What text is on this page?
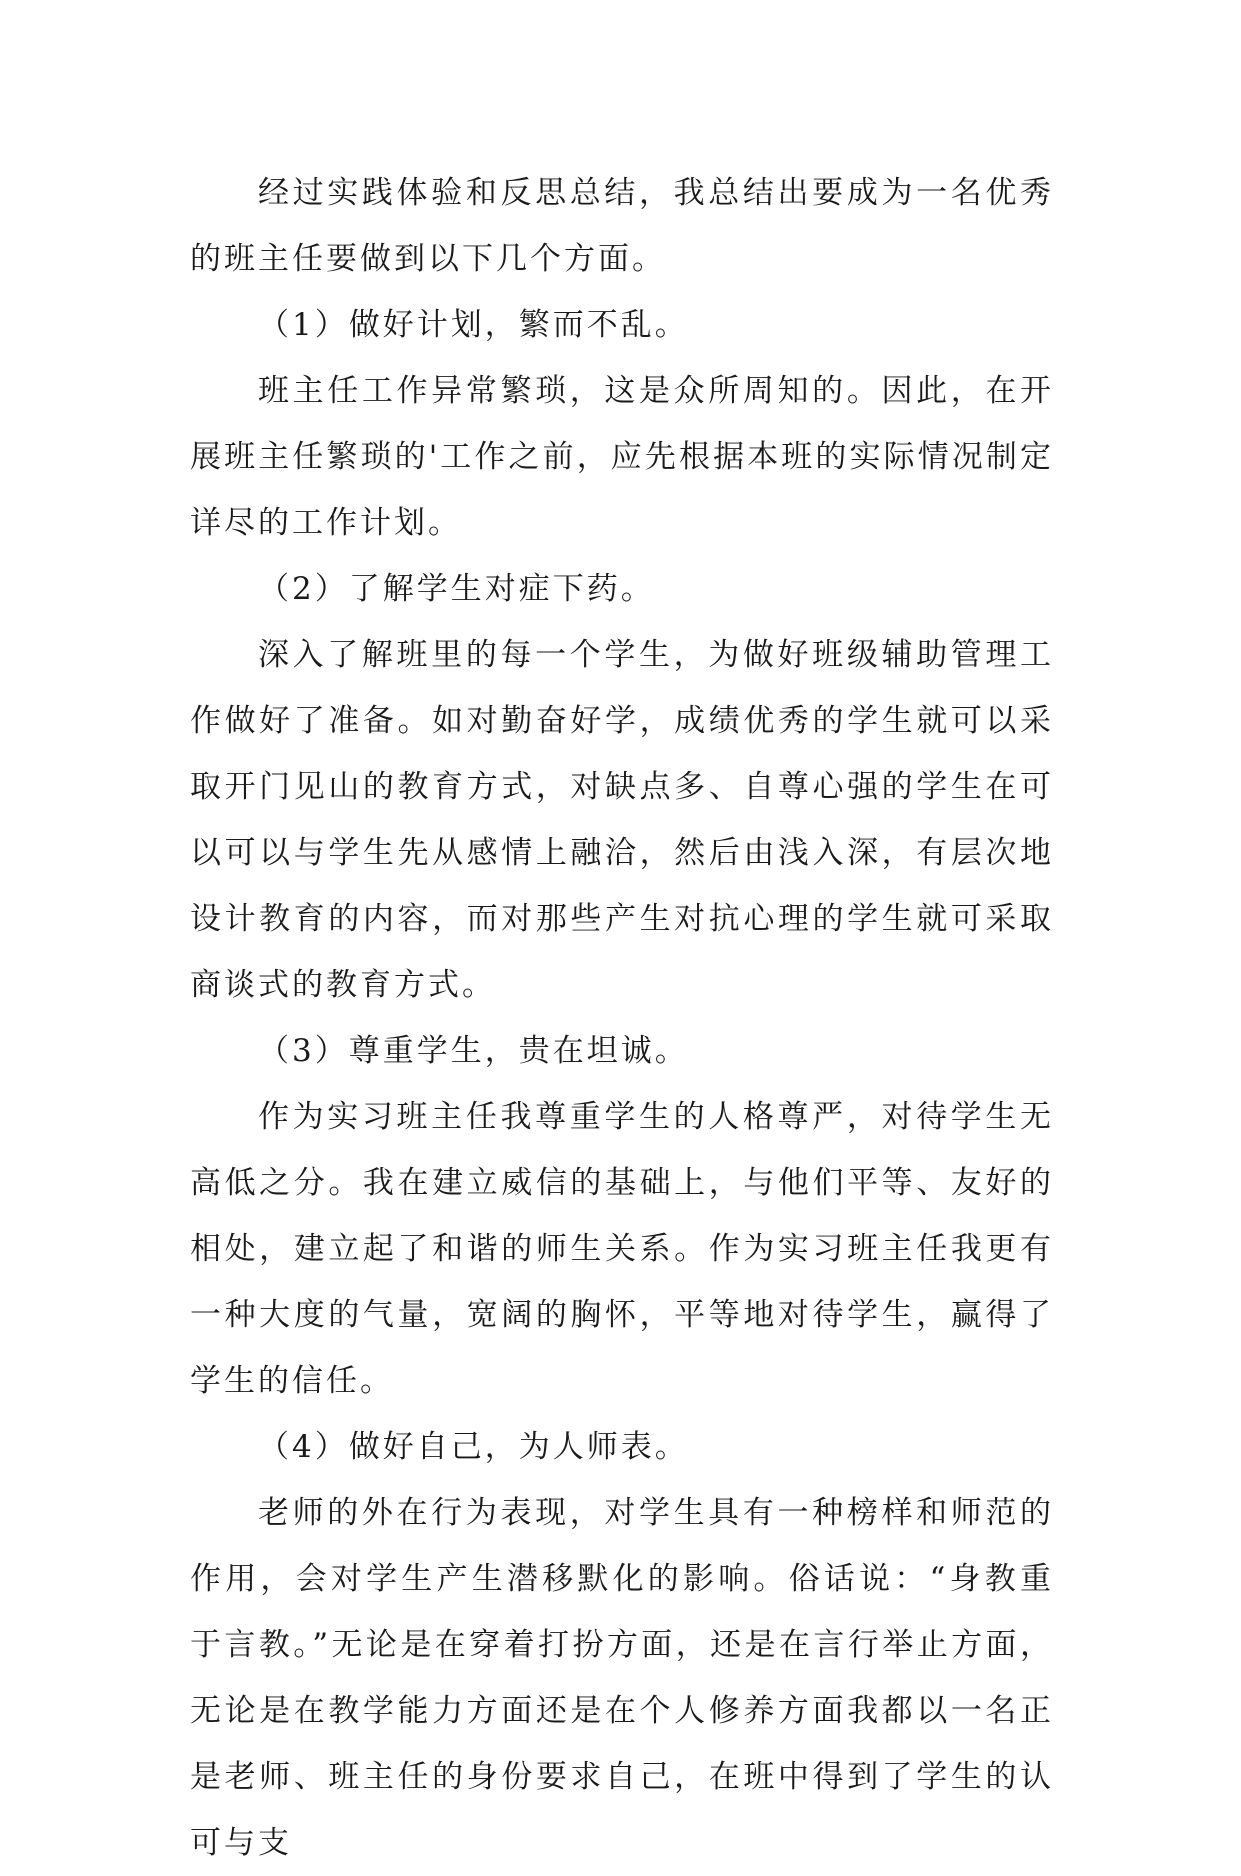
经过实践体验和反思总结，我总结出要成为一名优秀的班主任要做到以下几个方面。

（1）做好计划，繁而不乱。

班主任工作异常繁琐，这是众所周知的。因此，在开展班主任繁琐的'工作之前，应先根据本班的实际情况制定详尽的工作计划。

（2）了解学生对症下药。

深入了解班里的每一个学生，为做好班级辅助管理工作做好了准备。如对勤奋好学，成绩优秀的学生就可以采取开门见山的教育方式，对缺点多、自尊心强的学生在可以可以与学生先从感情上融洽，然后由浅入深，有层次地设计教育的内容，而对那些产生对抗心理的学生就可采取商谈式的教育方式。

（3）尊重学生，贵在坦诚。

作为实习班主任我尊重学生的人格尊严，对待学生无高低之分。我在建立威信的基础上，与他们平等、友好的相处，建立起了和谐的师生关系。作为实习班主任我更有一种大度的气量，宽阔的胸怀，平等地对待学生，赢得了学生的信任。

（4）做好自己，为人师表。

老师的外在行为表现，对学生具有一种榜样和师范的作用，会对学生产生潜移默化的影响。俗话说：“身教重于言教。”无论是在穿着打扮方面，还是在言行举止方面，无论是在教学能力方面还是在个人修养方面我都以一名正是老师、班主任的身份要求自己，在班中得到了学生的认可与支
